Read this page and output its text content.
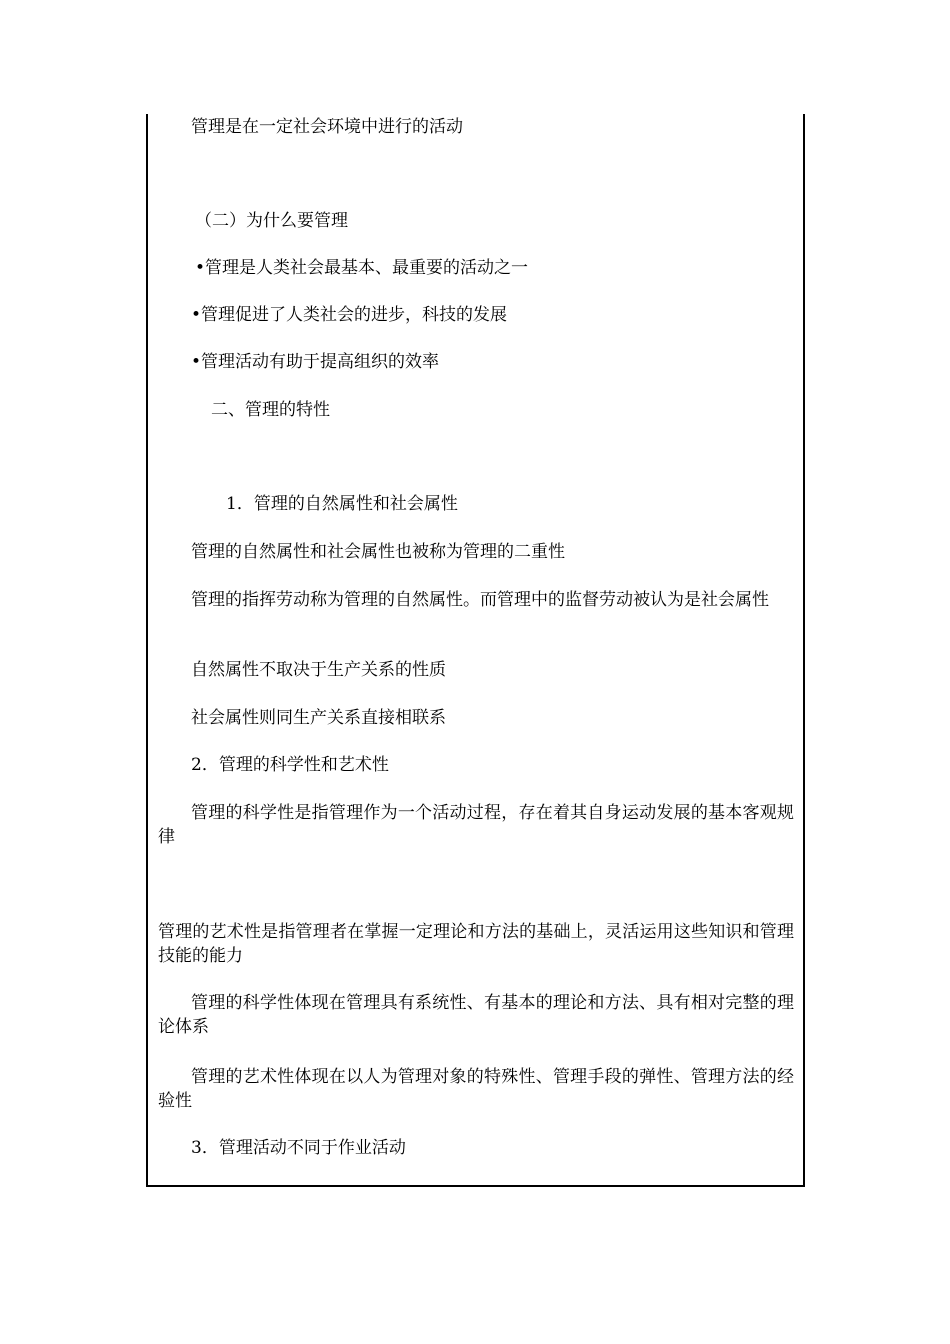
管理是在一定社会环境中进行的活动
（二）为什么要管理
•管理是人类社会最基本、最重要的活动之一
•管理促进了人类社会的进步，科技的发展
•管理活动有助于提高组织的效率
二、管理的特性
1．管理的自然属性和社会属性
管理的自然属性和社会属性也被称为管理的二重性
管理的指挥劳动称为管理的自然属性。而管理中的监督劳动被认为是社会属性
自然属性不取决于生产关系的性质
社会属性则同生产关系直接相联系
2．管理的科学性和艺术性
管理的科学性是指管理作为一个活动过程，存在着其自身运动发展的基本客观规律
管理的艺术性是指管理者在掌握一定理论和方法的基础上，灵活运用这些知识和管理技能的能力
管理的科学性体现在管理具有系统性、有基本的理论和方法、具有相对完整的理论体系
管理的艺术性体现在以人为管理对象的特殊性、管理手段的弹性、管理方法的经验性
3．管理活动不同于作业活动
